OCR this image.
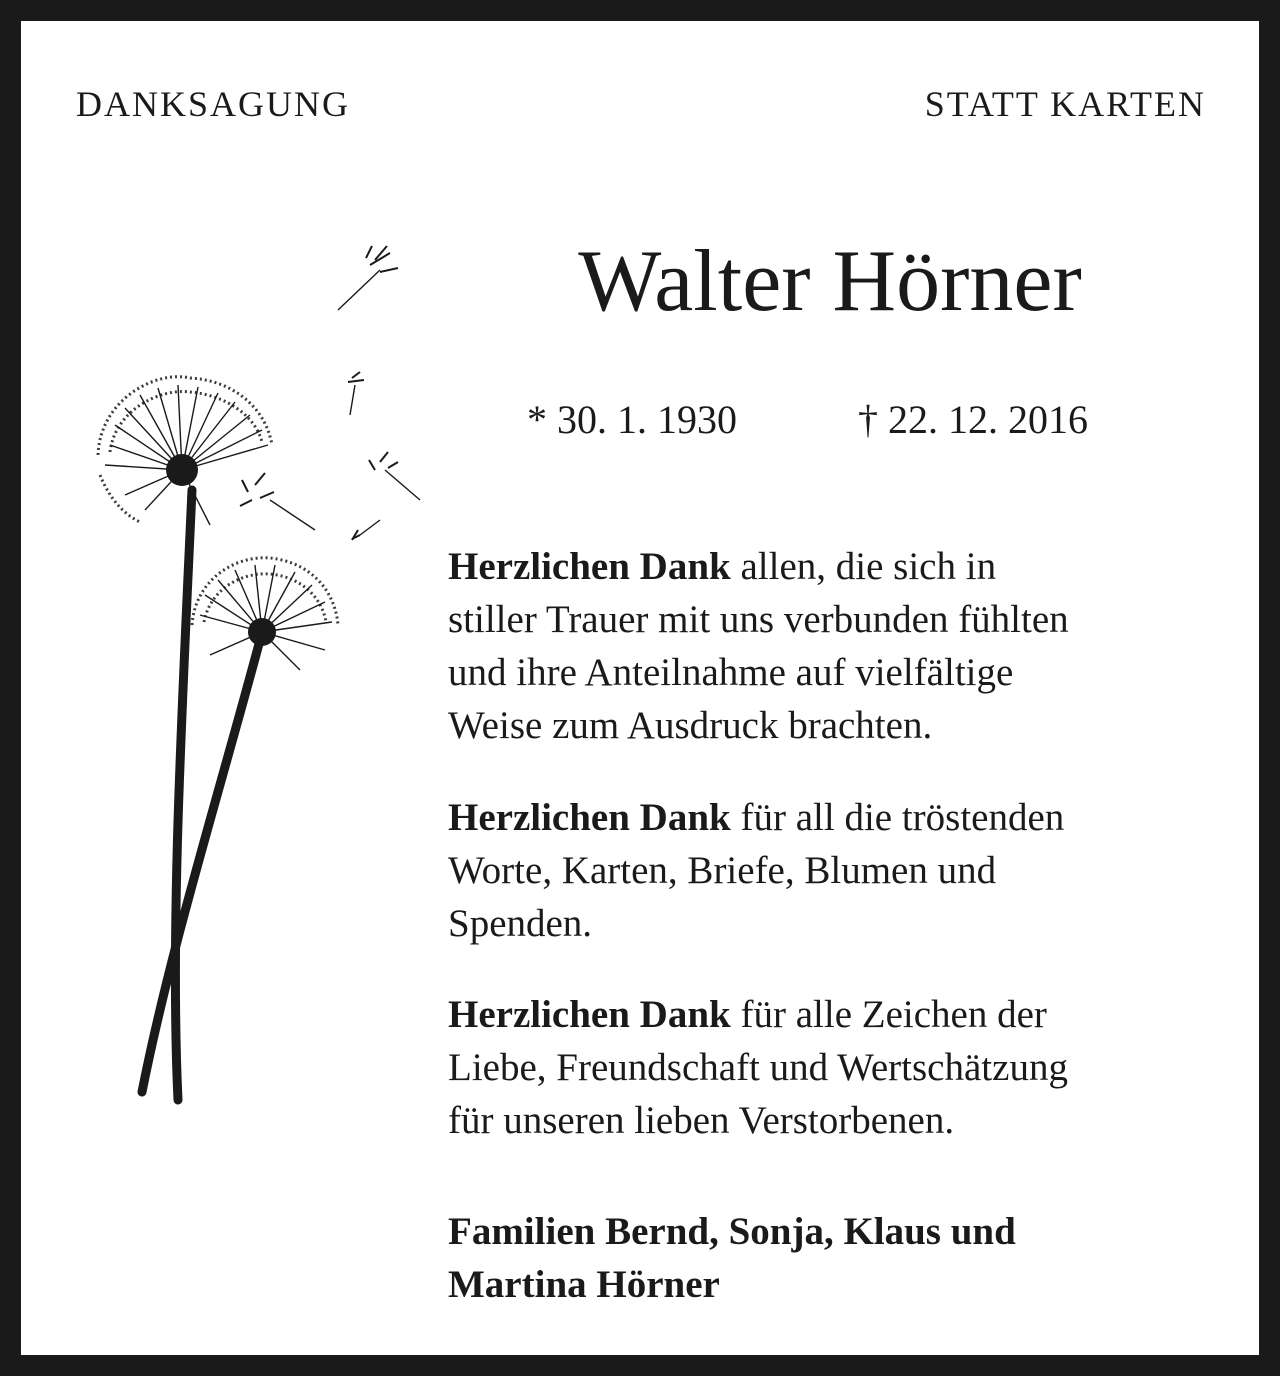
DANKSAGUNG	STATT KARTEN
Walter Hörner
* 30. 1. 1930	† 22. 12. 2016

Herzlichen Dank allen, die sich in
stiller Trauer mit uns verbunden fühlten
und ihre Anteilnahme auf vielfältige
Weise zum Ausdruck brachten.

Herzlichen Dank für all die tröstenden
Worte, Karten, Briefe, Blumen und
Spenden.

Herzlichen Dank für alle Zeichen der
Liebe, Freundschaft und Wertschätzung
für unseren lieben Verstorbenen.

Familien Bernd, Sonja, Klaus und
Martina Hörner
